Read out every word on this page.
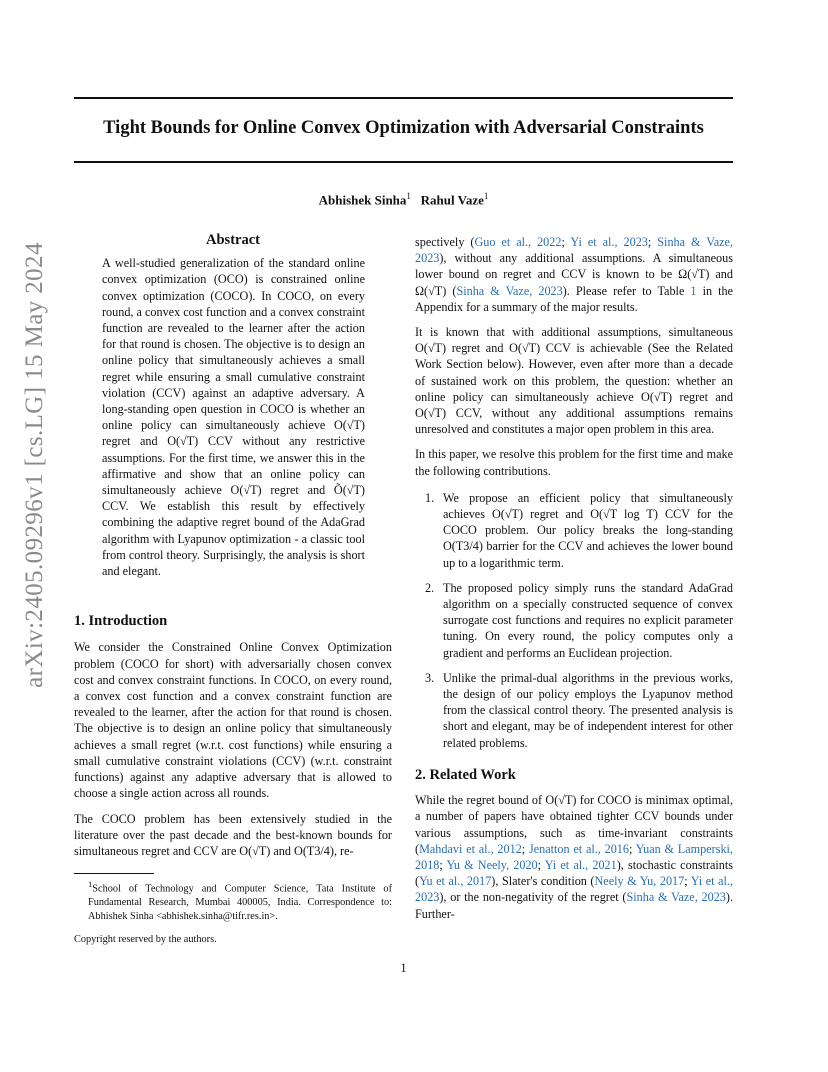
arXiv:2405.09296v1 [cs.LG] 15 May 2024
Tight Bounds for Online Convex Optimization with Adversarial Constraints
Abhishek Sinha$^1$ Rahul Vaze$^1$
Abstract

A well-studied generalization of the standard online convex optimization (OCO) is constrained online convex optimization (COCO). In COCO, on every round, a convex cost function and a convex constraint function are revealed to the learner after the action for that round is chosen. The objective is to design an online policy that simultaneously achieves a small regret while ensuring a small cumulative constraint violation (CCV) against an adaptive adversary. A long-standing open question in COCO is whether an online policy can simultaneously achieve O(√T) regret and O(√T) CCV without any restrictive assumptions. For the first time, we answer this in the affirmative and show that an online policy can simultaneously achieve O(√T) regret and Õ(√T) CCV. We establish this result by effectively combining the adaptive regret bound of the AdaGrad algorithm with Lyapunov optimization - a classic tool from control theory. Surprisingly, the analysis is short and elegant.

1. Introduction

We consider the Constrained Online Convex Optimization problem (COCO for short) with adversarially chosen convex cost and convex constraint functions. In COCO, on every round, a convex cost function and a convex constraint function are revealed to the learner, after the action for that round is chosen. The objective is to design an online policy that simultaneously achieves a small regret (w.r.t. cost functions) while ensuring a small cumulative constraint violations (CCV) (w.r.t. constraint functions) against any adaptive adversary that is allowed to choose a single action across all rounds.

The COCO problem has been extensively studied in the literature over the past decade and the best-known bounds for simultaneous regret and CCV are O(√T) and O(T3/4), re-

$^1$School of Technology and Computer Science, Tata Institute of Fundamental Research, Mumbai 400005, India. Correspondence to: Abhishek Sinha <abhishek.sinha@tifr.res.in>.
Copyright reserved by the authors.

spectively (Guo et al., 2022; Yi et al., 2023; Sinha & Vaze, 2023), without any additional assumptions. A simultaneous lower bound on regret and CCV is known to be Ω(√T) and Ω(√T) (Sinha & Vaze, 2023). Please refer to Table 1 in the Appendix for a summary of the major results.

It is known that with additional assumptions, simultaneous O(√T) regret and O(√T) CCV is achievable (See the Related Work Section below). However, even after more than a decade of sustained work on this problem, the question: whether an online policy can simultaneously achieve O(√T) regret and O(√T) CCV, without any additional assumptions remains unresolved and constitutes a major open problem in this area.

In this paper, we resolve this problem for the first time and make the following contributions.

1. We propose an efficient policy that simultaneously achieves O(√T) regret and O(√T log T) CCV for the COCO problem. Our policy breaks the long-standing O(T3/4) barrier for the CCV and achieves the lower bound up to a logarithmic term.
2. The proposed policy simply runs the standard AdaGrad algorithm on a specially constructed sequence of convex surrogate cost functions and requires no explicit parameter tuning. On every round, the policy computes only a gradient and performs an Euclidean projection.
3. Unlike the primal-dual algorithms in the previous works, the design of our policy employs the Lyapunov method from the classical control theory. The presented analysis is short and elegant, may be of independent interest for other related problems.
2. Related Work

While the regret bound of O(√T) for COCO is minimax optimal, a number of papers have obtained tighter CCV bounds under various assumptions, such as time-invariant constraints (Mahdavi et al., 2012; Jenatton et al., 2016; Yuan & Lamperski, 2018; Yu & Neely, 2020; Yi et al., 2021), stochastic constraints (Yu et al., 2017), Slater's condition (Neely & Yu, 2017; Yi et al., 2023), or the non-negativity of the regret (Sinha & Vaze, 2023). Further-

1
